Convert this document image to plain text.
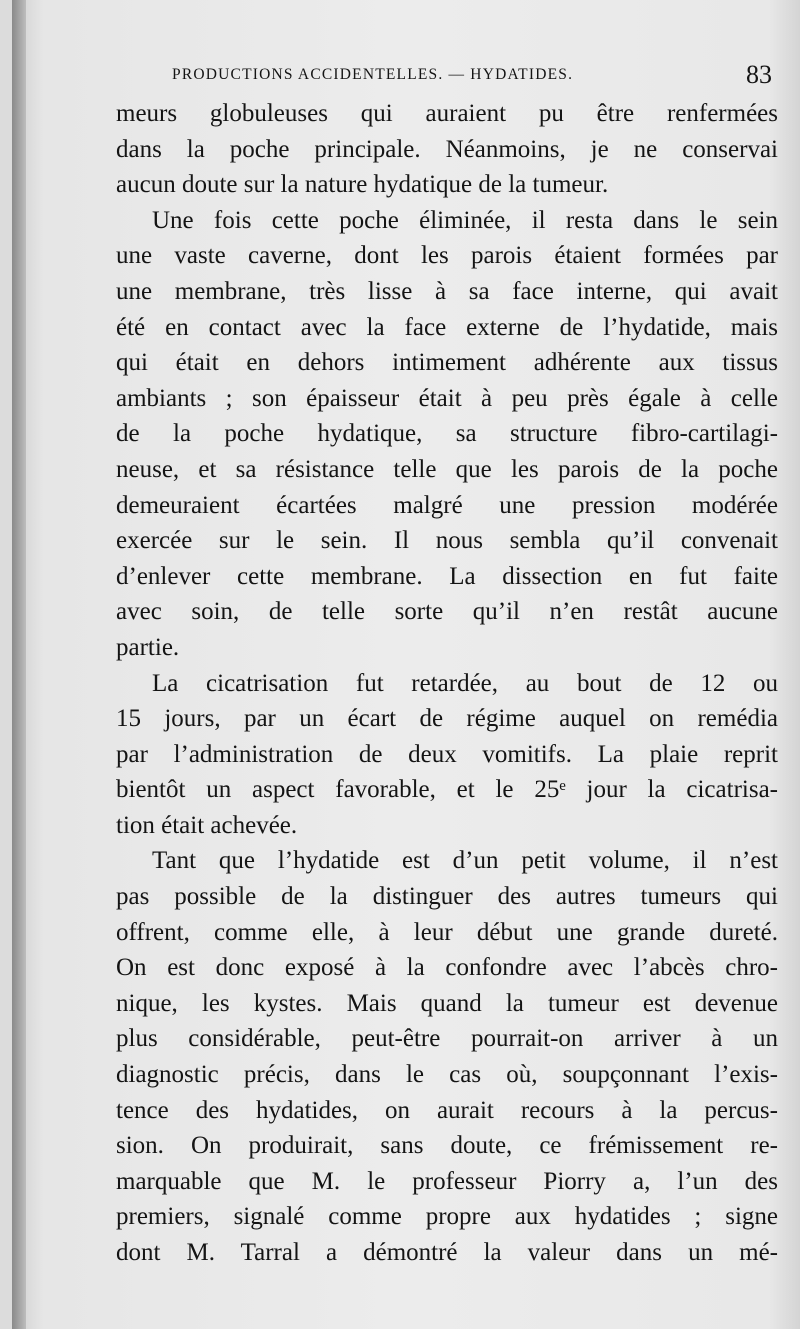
PRODUCTIONS ACCIDENTELLES. — HYDATIDES.	83
meurs globuleuses qui auraient pu être renfermées
dans la poche principale. Néanmoins, je ne conservai
aucun doute sur la nature hydatique de la tumeur.
Une fois cette poche éliminée, il resta dans le sein
une vaste caverne, dont les parois étaient formées par
une membrane, très lisse à sa face interne, qui avait
été en contact avec la face externe de l’hydatide, mais
qui était en dehors intimement adhérente aux tissus
ambiants ; son épaisseur était à peu près égale à celle
de la poche hydatique, sa structure fibro-cartilagi-
neuse, et sa résistance telle que les parois de la poche
demeuraient écartées malgré une pression modérée
exercée sur le sein. Il nous sembla qu’il convenait
d’enlever cette membrane. La dissection en fut faite
avec soin, de telle sorte qu’il n’en restât aucune
partie.
La cicatrisation fut retardée, au bout de 12 ou
15 jours, par un écart de régime auquel on remédia
par l’administration de deux vomitifs. La plaie reprit
bientôt un aspect favorable, et le 25ᵉ jour la cicatrisa-
tion était achevée.
Tant que l’hydatide est d’un petit volume, il n’est
pas possible de la distinguer des autres tumeurs qui
offrent, comme elle, à leur début une grande dureté.
On est donc exposé à la confondre avec l’abcès chro-
nique, les kystes. Mais quand la tumeur est devenue
plus considérable, peut-être pourrait-on arriver à un
diagnostic précis, dans le cas où, soupçonnant l’exis-
tence des hydatides, on aurait recours à la percus-
sion. On produirait, sans doute, ce frémissement re-
marquable que M. le professeur Piorry a, l’un des
premiers, signalé comme propre aux hydatides ; signe
dont M. Tarral a démontré la valeur dans un mé-
